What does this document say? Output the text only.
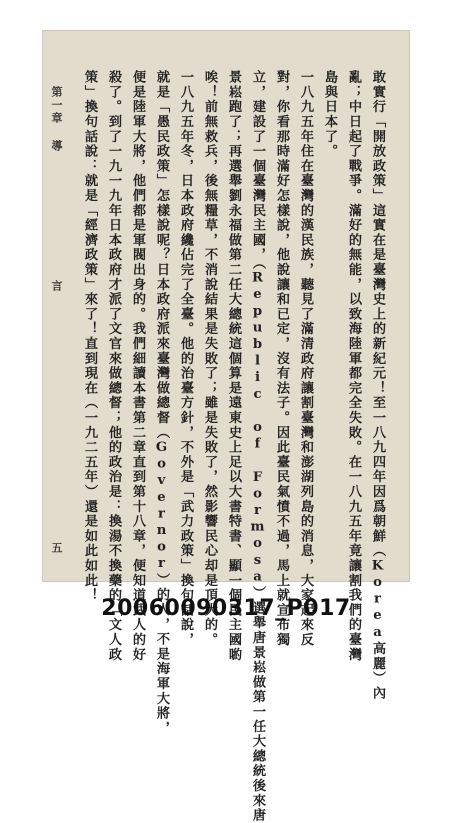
敢實行「開放政策」這實在是臺灣史上的新紀元！至一八九四年因爲朝鮮（Korea高麗）內
亂；中日起了戰爭。滿好的無能，以致海陸軍都完全失敗。在一八九五年竟讓割我們的臺灣
島與日本了。
一八九五年住在臺灣的漢民族，聽見了滿清政府讓割臺灣和澎湖列島的消息，大家起來反
對，你看那時滿好怎樣說，他說讓和已定，沒有法子。因此臺民氣憤不過，馬上就宣布獨
立，建設了一個臺灣民主國，（Republic of Formosa）選舉唐景崧做第一任大總統後來唐
景崧跑了；再選舉劉永福做第二任大總統這個算是遠東史上足以大書特書、顯一個民主國喲
唉！前無救兵，後無糧草，不消說結果是失敗了；雖是失敗了，然影響民心却是頂大的。
一八九五年冬，日本政府纔佔完了全臺。他的治臺方針，不外是「武力政策」換句話說，
就是「愚民政策」怎樣說呢？日本政府派來臺灣做總督（Governor）的人，不是海軍大將，
便是陸軍大將，他們都是軍閥出身的。我們細讀本書第二章直到第十八章，便知道武人的好
殺了。到了一九一九年日本政府才派了文官來做總督；他的政治是：換湯不換藥的「文人政
策」換句話說：就是「經濟政策」來了！直到現在（一九二五年）還是如此如此！
第一章 導
言
五
20060090317_P017
